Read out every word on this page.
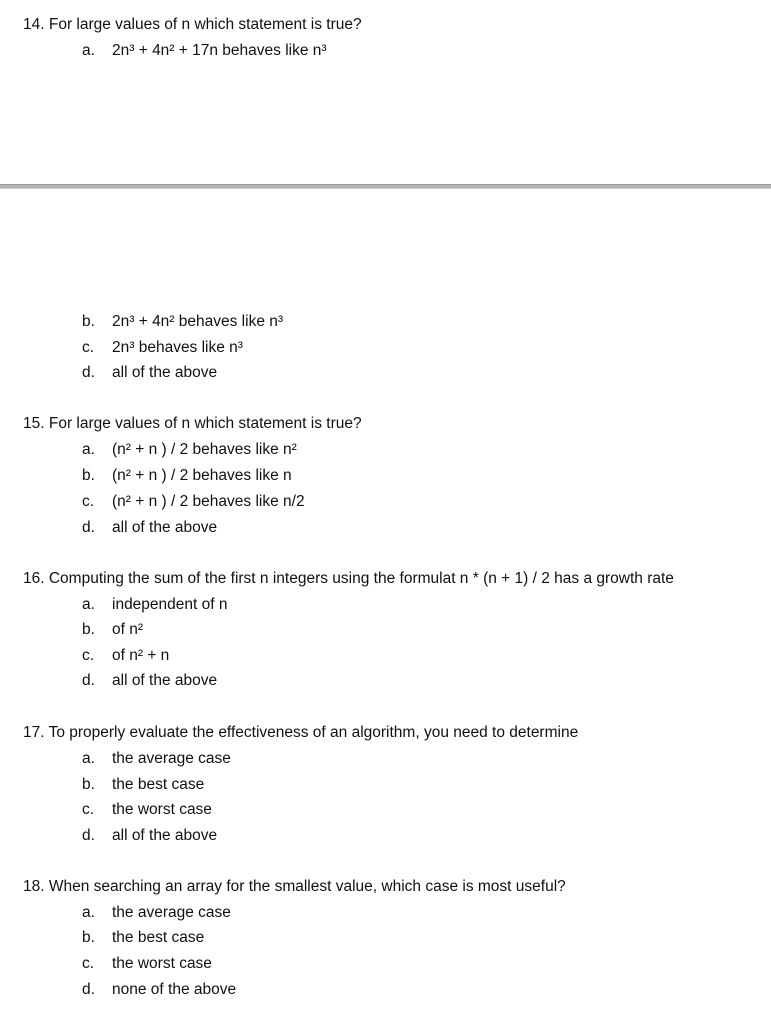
14. For large values of n which statement is true?
a. 2n³ + 4n² + 17n behaves like n³
b. 2n³ + 4n² behaves like n³
c. 2n³ behaves like n³
d. all of the above
15. For large values of n which statement is true?
a. (n² + n ) / 2 behaves like n²
b. (n² + n ) / 2 behaves like n
c. (n² + n ) / 2 behaves like n/2
d. all of the above
16. Computing the sum of the first n integers using the formulat n * (n + 1) / 2 has a growth rate
a. independent of n
b. of n²
c. of n² + n
d. all of the above
17. To properly evaluate the effectiveness of an algorithm, you need to determine
a. the average case
b. the best case
c. the worst case
d. all of the above
18. When searching an array for the smallest value, which case is most useful?
a. the average case
b. the best case
c. the worst case
d. none of the above
